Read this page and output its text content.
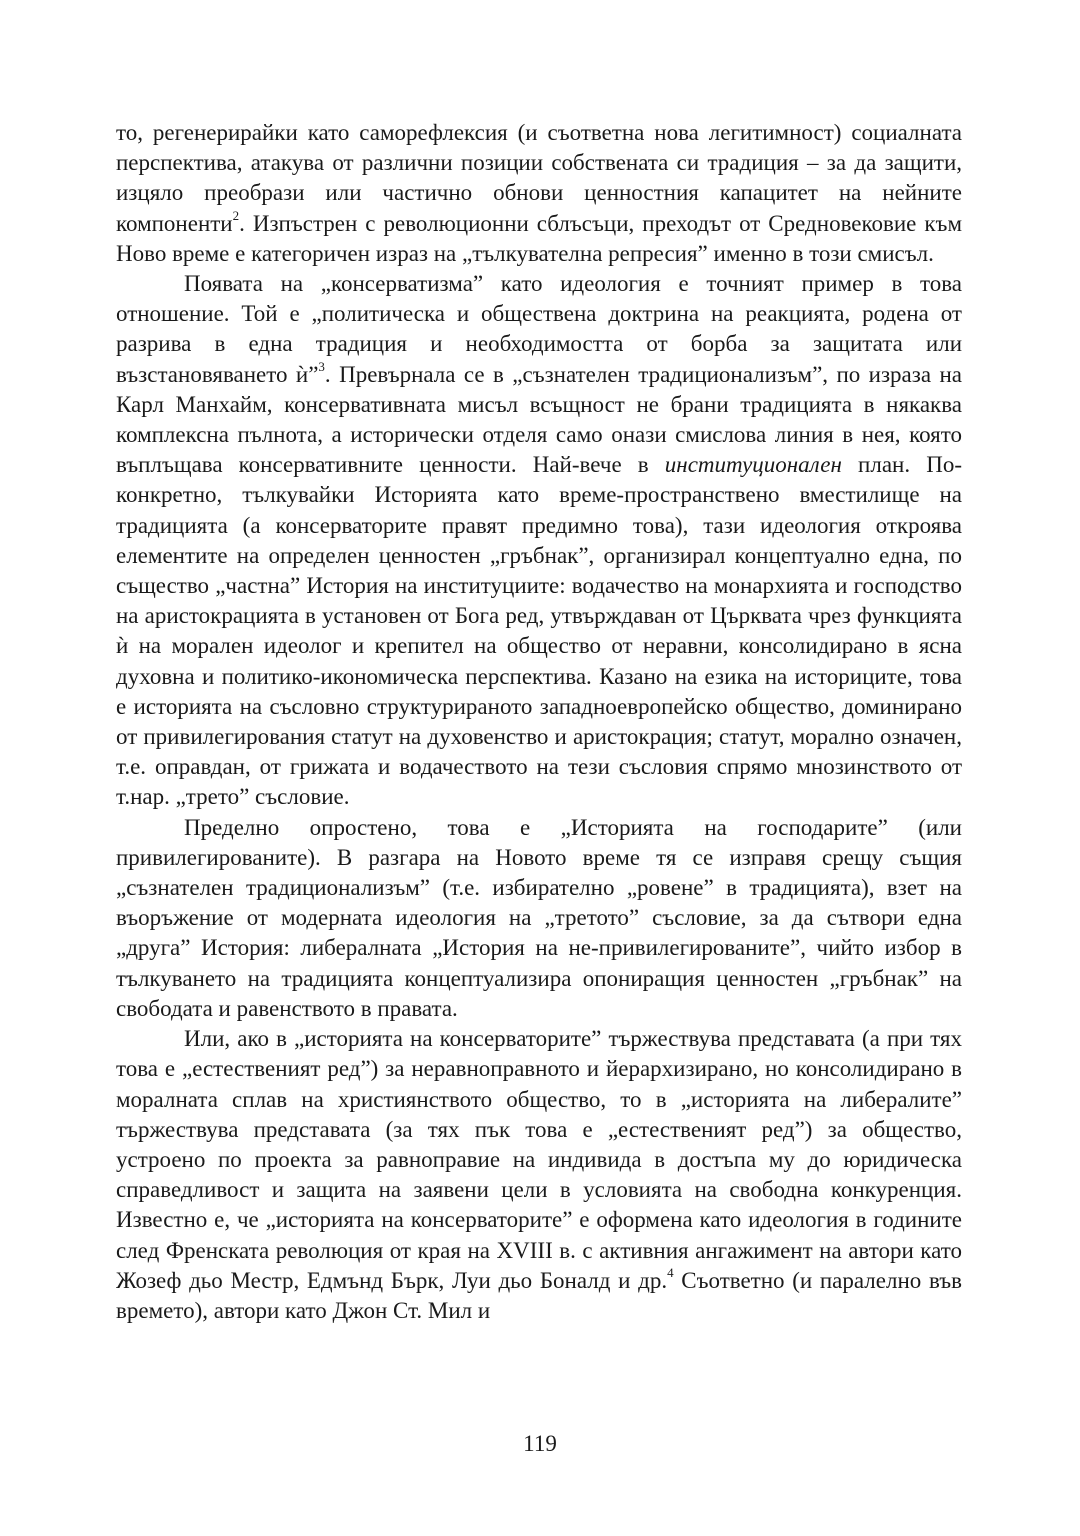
то, регенерирайки като саморефлексия (и съответна нова легитимност) социалната перспектива, атакува от различни позиции собствената си традиция – за да защити, изцяло преобрази или частично обнови ценностния капацитет на нейните компоненти$^2$. Изпъстрен с революционни сблъсъци, преходът от Средновековие към Ново време е категоричен израз на „тълкувателна репресия” именно в този смисъл.

Появата на „консерватизма” като идеология е точният пример в това отношение. Той е „политическа и обществена доктрина на реакцията, родена от разрива в една традиция и необходимостта от борба за защитата или възстановяването ѝ”$^3$. Превърнала се в „съзнателен традиционализъм”, по израза на Карл Манхайм, консервативната мисъл всъщност не брани традицията в някаква комплексна пълнота, а исторически отделя само онази смислова линия в нея, която въплъщава консервативните ценности. Най-вече в институционален план. По-конкретно, тълкувайки Историята като време-пространствено вместилище на традицията (а консерваторите правят предимно това), тази идеология откроява елементите на определен ценностен „гръбнак”, организирал концептуално една, по същество „частна” История на институциите: водачество на монархията и господство на аристокрацията в установен от Бога ред, утвърждаван от Църквата чрез функцията ѝ на морален идеолог и крепител на общество от неравни, консолидирано в ясна духовна и политико-икономическа перспектива. Казано на езика на историците, това е историята на съсловно структурираното западноевропейско общество, доминирано от привилегирования статут на духовенство и аристокрация; статут, морално означен, т.е. оправдан, от грижата и водачеството на тези съсловия спрямо мнозинството от т.нар. „трето” съсловие.

Пределно опростено, това е „Историята на господарите” (или привилегированите). В разгара на Новото време тя се изправя срещу същия „съзнателен традиционализъм” (т.е. избирателно „ровене” в традицията), взет на въоръжение от модерната идеология на „третото” съсловие, за да сътвори една „друга” История: либералната „История на не-привилегированите”, чийто избор в тълкуването на традицията концептуализира опониращия ценностен „гръбнак” на свободата и равенството в правата.

Или, ако в „историята на консерваторите” тържествува представата (а при тях това е „естественият ред”) за неравноправното и йерархизирано, но консолидирано в моралната сплав на християнството общество, то в „историята на либералите” тържествува представата (за тях пък това е „естественият ред”) за общество, устроено по проекта за равноправие на индивида в достъпа му до юридическа справедливост и защита на заявени цели в условията на свободна конкуренция. Известно е, че „историята на консерваторите” е оформена като идеология в годините след Френската революция от края на XVIII в. с активния ангажимент на автори като Жозеф дьо Местр, Едмънд Бърк, Луи дьо Боналд и др.$^4$ Съответно (и паралелно във времето), автори като Джон Ст. Мил и

119
